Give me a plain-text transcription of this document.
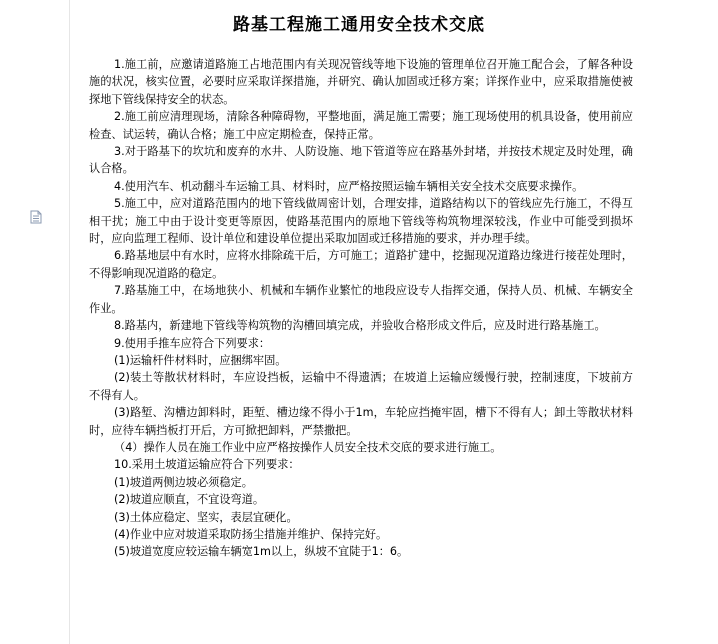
路基工程施工通用安全技术交底

1.施工前，应邀请道路施工占地范围内有关现况管线等地下设施的管理单位召开施工配合会，了解各种设施的状况，核实位置，必要时应采取详探措施，并研究、确认加固或迁移方案；详探作业中，应采取措施使被探地下管线保持安全的状态。

2.施工前应清理现场，清除各种障碍物，平整地面，满足施工需要；施工现场使用的机具设备，使用前应检查、试运转，确认合格；施工中应定期检查，保持正常。

3.对于路基下的坎坑和废弃的水井、人防设施、地下管道等应在路基外封堵，并按技术规定及时处理，确认合格。

4.使用汽车、机动翻斗车运输工具、材料时，应严格按照运输车辆相关安全技术交底要求操作。

5.施工中，应对道路范围内的地下管线做周密计划，合理安排，道路结构以下的管线应先行施工，不得互相干扰；施工中由于设计变更等原因，使路基范围内的原地下管线等构筑物埋深较浅，作业中可能受到损坏时，应向监理工程师、设计单位和建设单位提出采取加固或迁移措施的要求，并办理手续。

6.路基地层中有水时，应将水排除疏干后，方可施工；道路扩建中，挖掘现况道路边缘进行接茬处理时，不得影响现况道路的稳定。

7.路基施工中，在场地狭小、机械和车辆作业繁忙的地段应设专人指挥交通，保持人员、机械、车辆安全作业。

8.路基内，新建地下管线等构筑物的沟槽回填完成，并验收合格形成文件后，应及时进行路基施工。

9.使用手推车应符合下列要求：

(1)运输杆件材料时，应捆绑牢固。

(2)装土等散状材料时，车应设挡板，运输中不得遗洒；在坡道上运输应缓慢行驶，控制速度，下坡前方不得有人。

(3)路堑、沟槽边卸料时，距堑、槽边缘不得小于1m，车轮应挡掩牢固，槽下不得有人；卸土等散状材料时，应待车辆挡板打开后，方可掀把卸料，严禁撒把。

（4）操作人员在施工作业中应严格按操作人员安全技术交底的要求进行施工。

10.采用土坡道运输应符合下列要求：

(1)坡道两侧边坡必须稳定。

(2)坡道应顺直，不宜设弯道。

(3)土体应稳定、坚实，表层宜硬化。

(4)作业中应对坡道采取防扬尘措施并维护、保持完好。

(5)坡道宽度应较运输车辆宽1m以上，纵坡不宜陡于1：6。
